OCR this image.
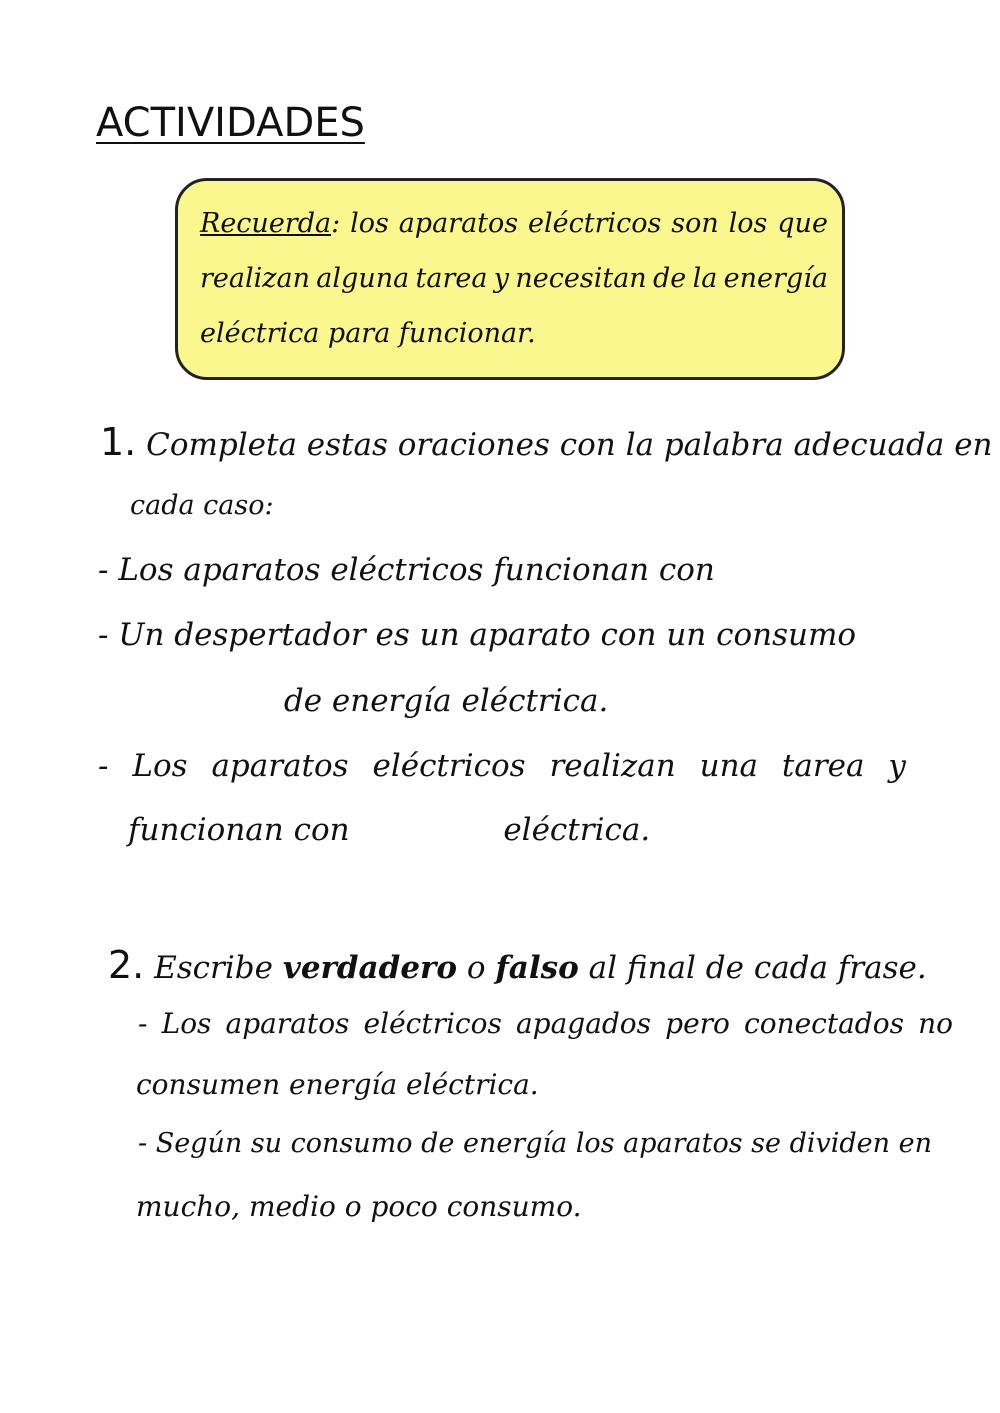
ACTIVIDADES
Recuerda: los aparatos eléctricos son los que
realizan alguna tarea y necesitan de la energía
eléctrica para funcionar.
1. Completa estas oraciones con la palabra adecuada en
cada caso:
- Los aparatos eléctricos funcionan con
- Un despertador es un aparato con un consumo
de energía eléctrica.
- Los aparatos eléctricos realizan una tarea y
funcionan con	eléctrica.
2. Escribe verdadero o falso al final de cada frase.
- Los aparatos eléctricos apagados pero conectados no
consumen energía eléctrica.
- Según su consumo de energía los aparatos se dividen en
mucho, medio o poco consumo.
